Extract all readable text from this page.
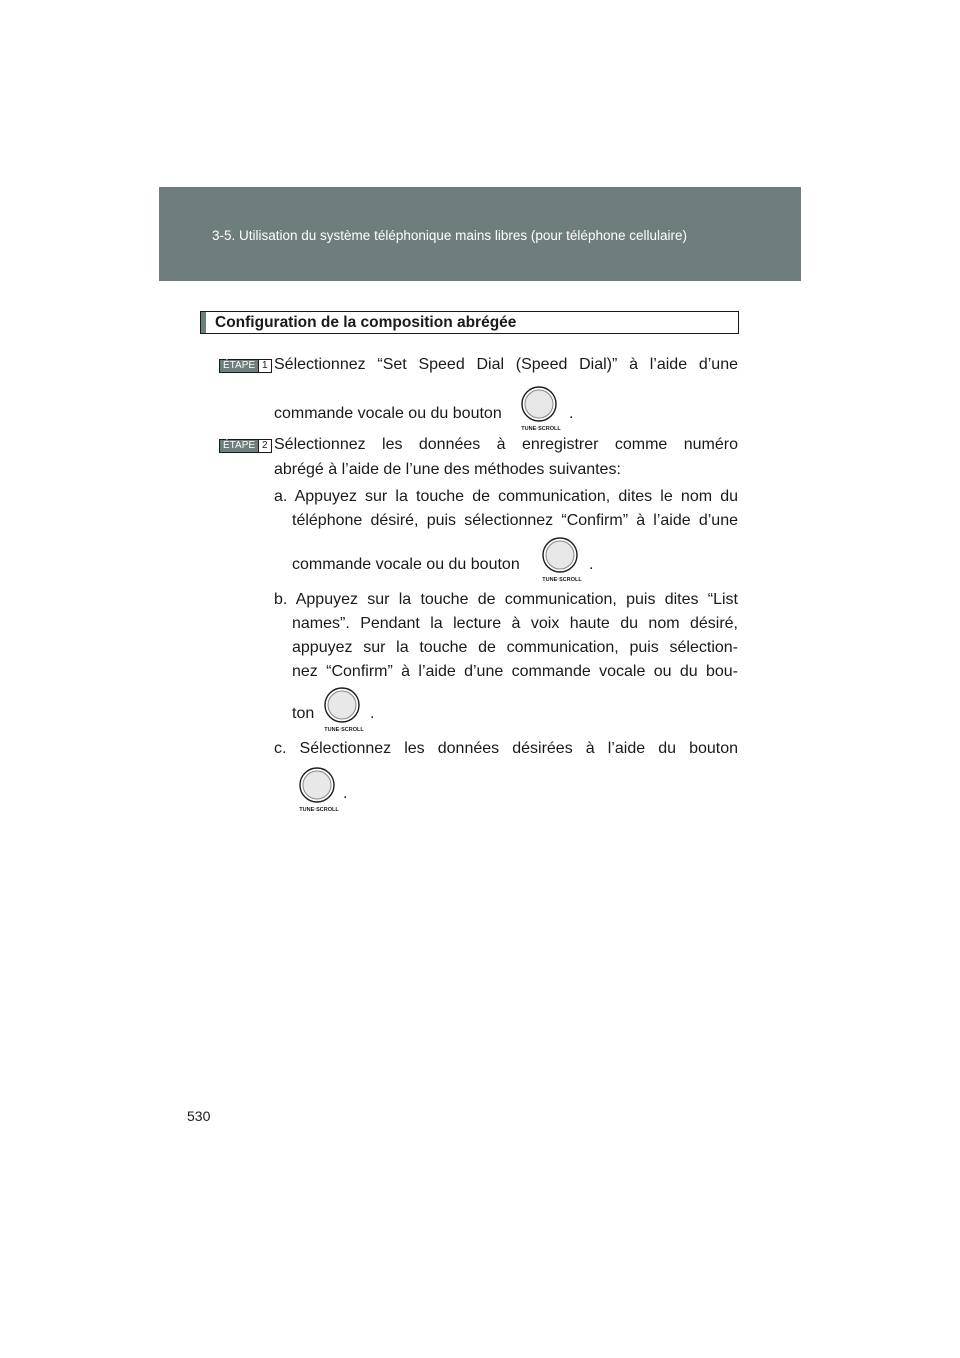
3-5. Utilisation du système téléphonique mains libres (pour téléphone cellulaire)
Configuration de la composition abrégée
ÉTAPE 1 Sélectionnez “Set Speed Dial (Speed Dial)” à l’aide d’une
commande vocale ou du bouton
TUNE·SCROLL
.
ÉTAPE 2 Sélectionnez les données à enregistrer comme numéro
abrégé à l’aide de l’une des méthodes suivantes:
a. Appuyez sur la touche de communication, dites le nom du
téléphone désiré, puis sélectionnez “Confirm” à l’aide d’une
commande vocale ou du bouton
TUNE·SCROLL
.
b. Appuyez sur la touche de communication, puis dites “List
names”. Pendant la lecture à voix haute du nom désiré,
appuyez sur la touche de communication, puis sélection-
nez “Confirm” à l’aide d’une commande vocale ou du bou-
ton
TUNE·SCROLL
.
c. Sélectionnez les données désirées à l’aide du bouton
TUNE·SCROLL
.
530
